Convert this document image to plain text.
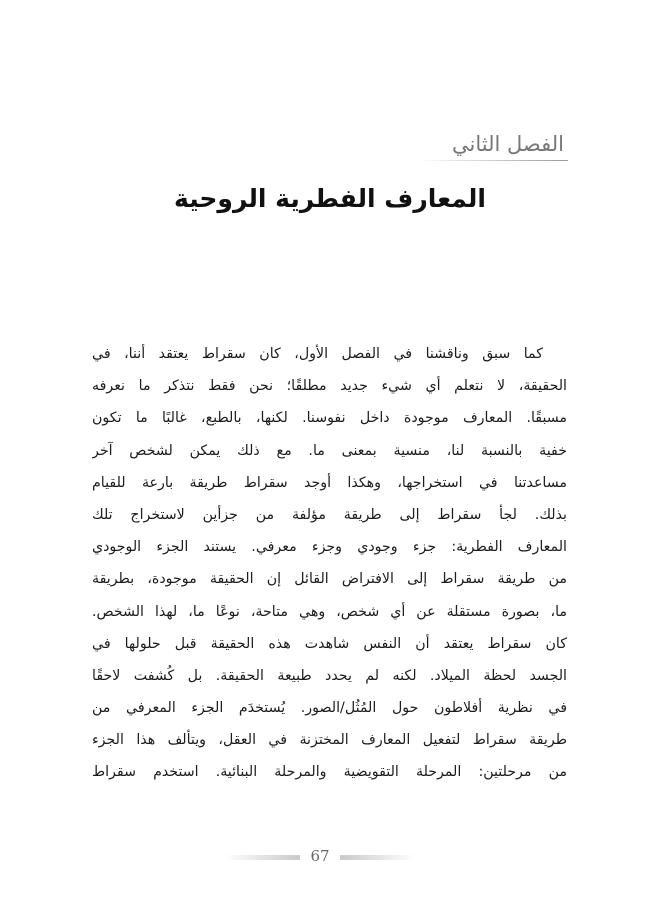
الفصل الثاني
المعارف الفطرية الروحية
كما سبق وناقشنا في الفصل الأول، كان سقراط يعتقد أننا، في
الحقيقة، لا نتعلم أي شيء جديد مطلقًا؛ نحن فقط نتذكر ما نعرفه
مسبقًا. المعارف موجودة داخل نفوسنا. لكنها، بالطبع، غالبًا ما تكون
خفية بالنسبة لنا، منسية بمعنى ما. مع ذلك يمكن لشخص آخر
مساعدتنا في استخراجها، وهكذا أوجد سقراط طريقة بارعة للقيام
بذلك. لجأ سقراط إلى طريقة مؤلفة من جزأين لاستخراج تلك
المعارف الفطرية: جزء وجودي وجزء معرفي. يستند الجزء الوجودي
من طريقة سقراط إلى الافتراض القائل إن الحقيقة موجودة، بطريقة
ما، بصورة مستقلة عن أي شخص، وهي متاحة، نوعًا ما، لهذا الشخص.
كان سقراط يعتقد أن النفس شاهدت هذه الحقيقة قبل حلولها في
الجسد لحظة الميلاد. لكنه لم يحدد طبيعة الحقيقة. بل كُشفت لاحقًا
في نظرية أفلاطون حول المُثُل/الصور. يُستخدَم الجزء المعرفي من
طريقة سقراط لتفعيل المعارف المختزنة في العقل، ويتألف هذا الجزء
من مرحلتين: المرحلة التقويضية والمرحلة البنائية. استخدم سقراط
67
